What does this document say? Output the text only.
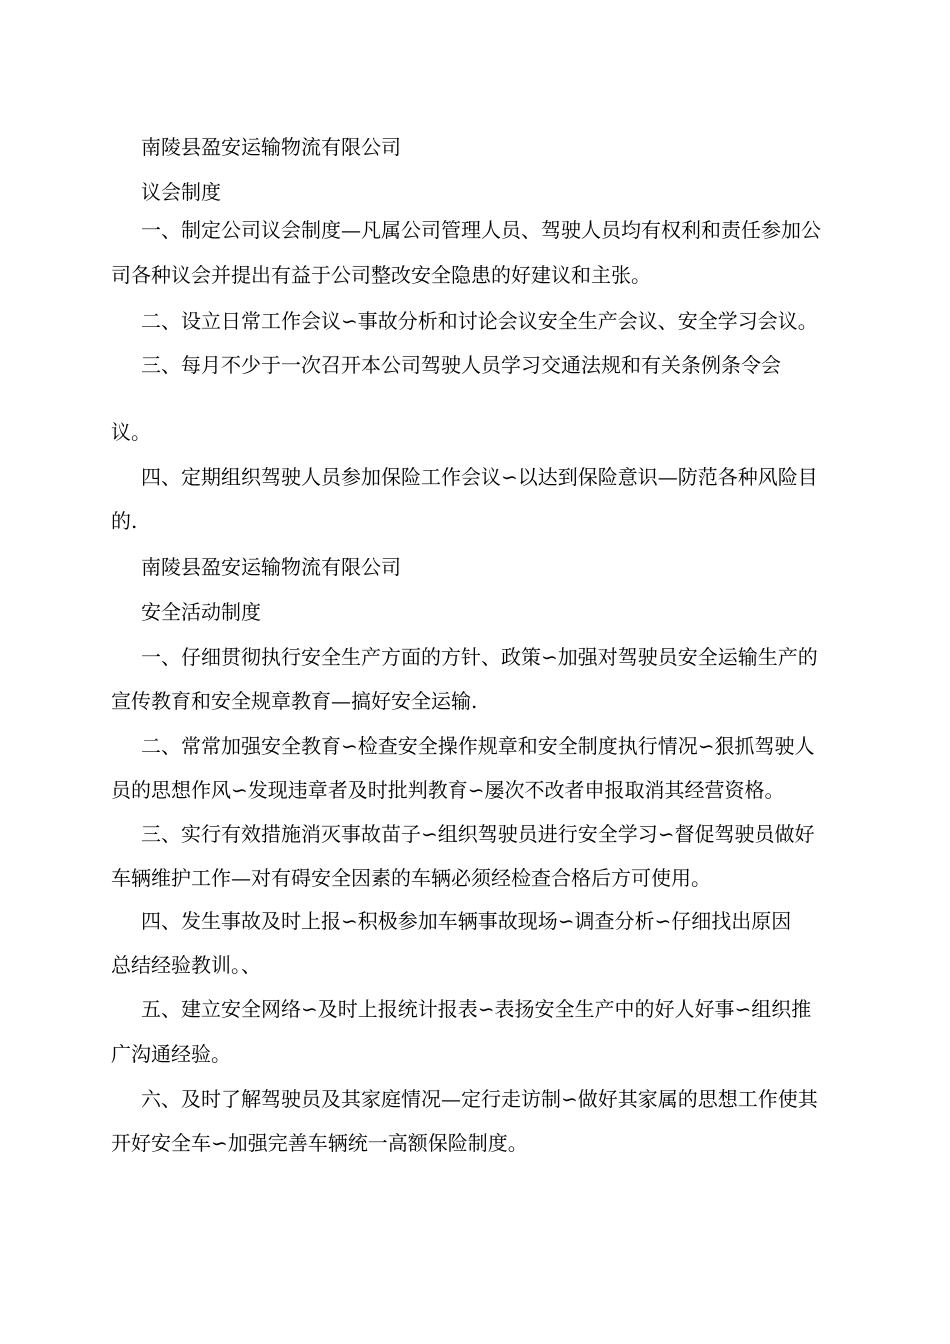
南陵县盈安运输物流有限公司
议会制度
一、制定公司议会制度—凡属公司管理人员、驾驶人员均有权利和责任参加公
司各种议会并提出有益于公司整改安全隐患的好建议和主张。
二、设立日常工作会议∽事故分析和讨论会议安全生产会议、安全学习会议。
三、每月不少于一次召开本公司驾驶人员学习交通法规和有关条例条令会
议。
四、定期组织驾驶人员参加保险工作会议∽以达到保险意识—防范各种风险目
的.
南陵县盈安运输物流有限公司
安全活动制度
一、仔细贯彻执行安全生产方面的方针、政策∽加强对驾驶员安全运输生产的
宣传教育和安全规章教育—搞好安全运输.
二、常常加强安全教育∽检查安全操作规章和安全制度执行情况∽狠抓驾驶人
员的思想作风∽发现违章者及时批判教育∽屡次不改者申报取消其经营资格。
三、实行有效措施消灭事故苗子∽组织驾驶员进行安全学习∽督促驾驶员做好
车辆维护工作—对有碍安全因素的车辆必须经检查合格后方可使用。
四、发生事故及时上报∽积极参加车辆事故现场∽调查分析∽仔细找出原因
总结经验教训。、
五、建立安全网络∽及时上报统计报表∽表扬安全生产中的好人好事∽组织推
广沟通经验。
六、及时了解驾驶员及其家庭情况—定行走访制∽做好其家属的思想工作使其
开好安全车∽加强完善车辆统一高额保险制度。
